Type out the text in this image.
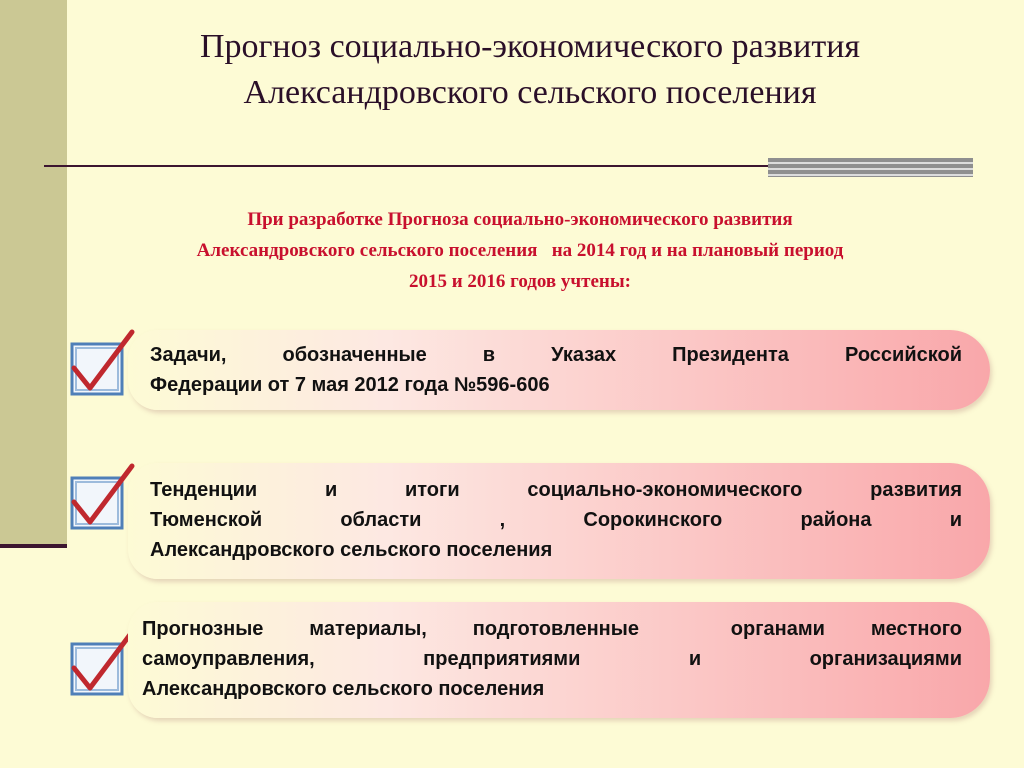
Прогноз социально-экономического развития
Александровского сельского поселения
При разработке Прогноза социально-экономического развития
Александровского сельского поселения   на 2014 год и на плановый период
2015 и 2016 годов учтены:
Задачи, обозначенные в Указах Президента Российской
Федерации от 7 мая 2012 года №596-606
Тенденции и итоги социально-экономического развития
Тюменской области , Сорокинского района и
Александровского сельского поселения
Прогнозные материалы, подготовленные  органами местного
самоуправления, предприятиями и организациями
Александровского сельского поселения
